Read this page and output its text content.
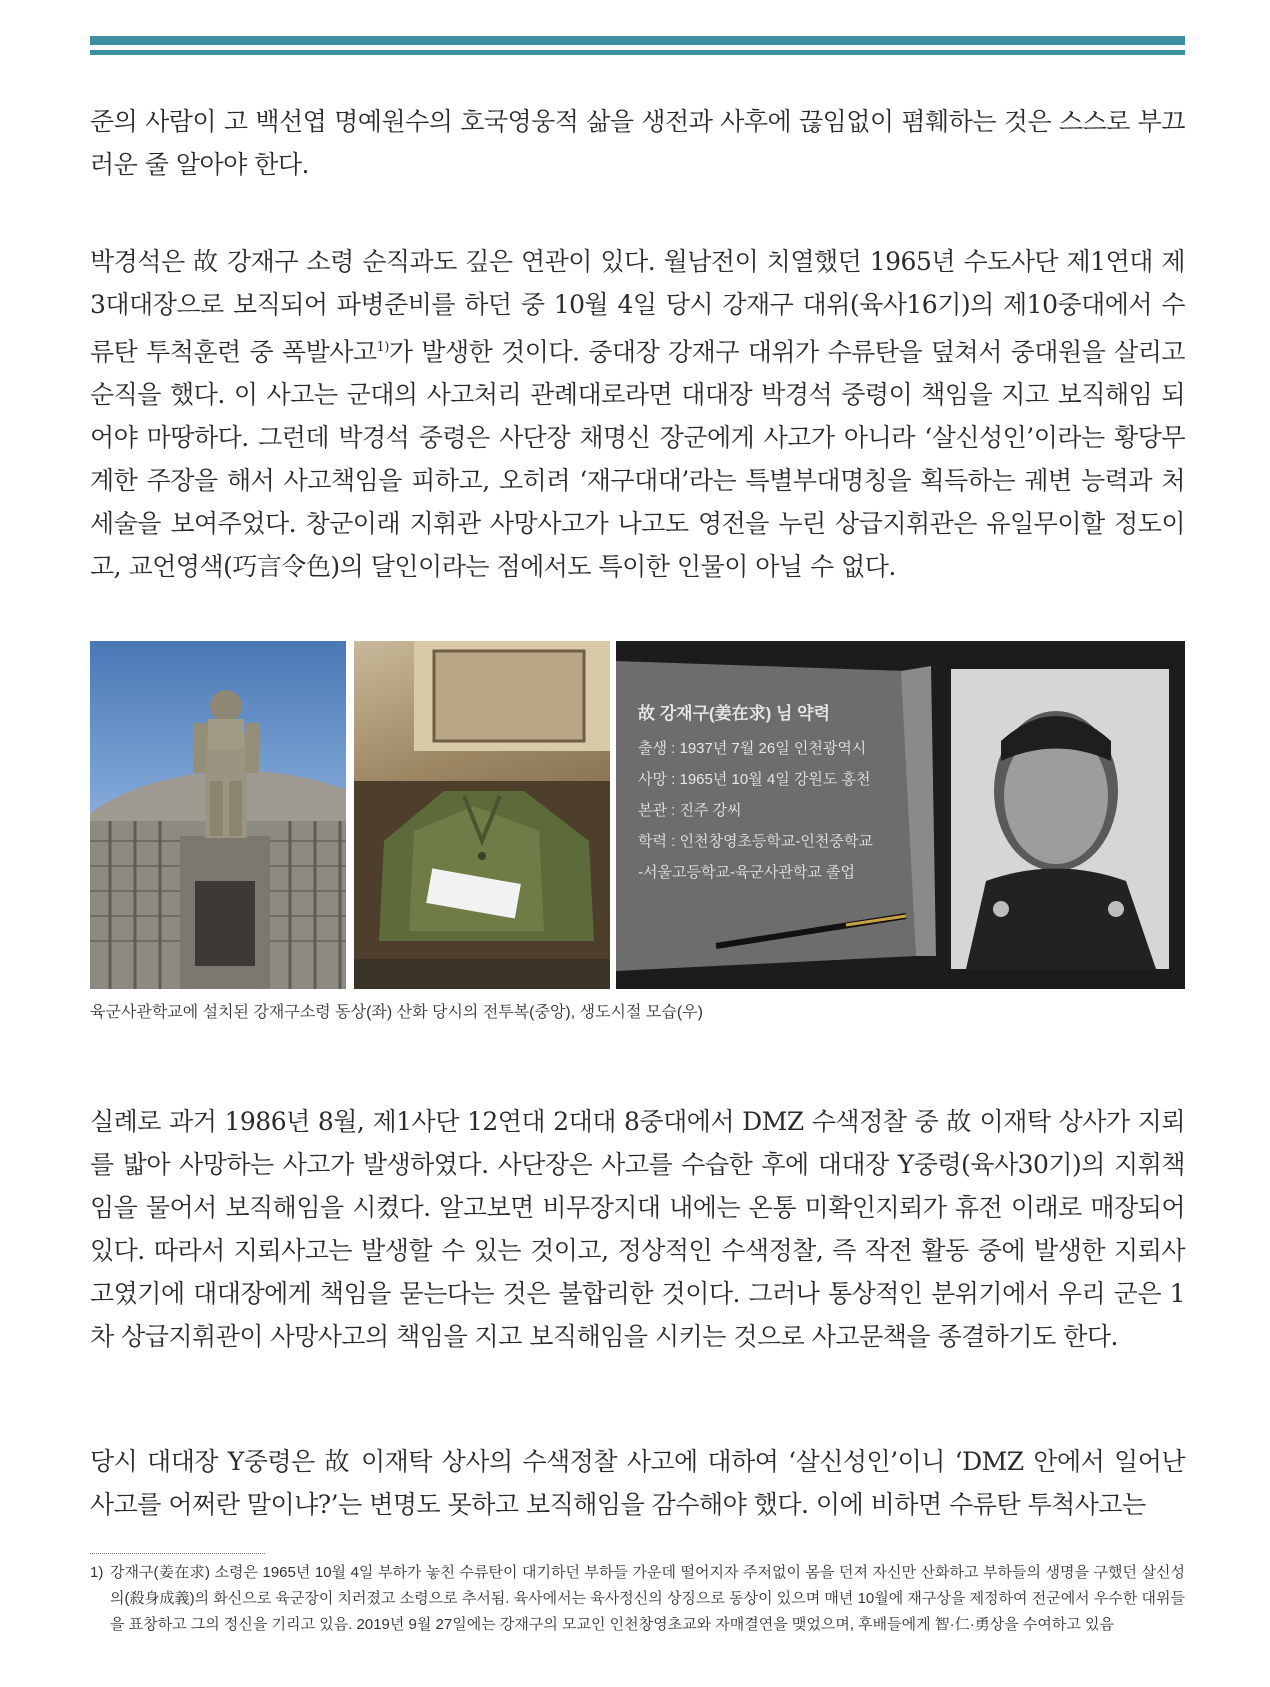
준의 사람이 고 백선엽 명예원수의 호국영웅적 삶을 생전과 사후에 끊임없이 폄훼하는 것은 스스로 부끄러운 줄 알아야 한다.
박경석은 故 강재구 소령 순직과도 깊은 연관이 있다. 월남전이 치열했던 1965년 수도사단 제1연대 제3대대장으로 보직되어 파병준비를 하던 중 10월 4일 당시 강재구 대위(육사16기)의 제10중대에서 수류탄 투척훈련 중 폭발사고$^{1)}$가 발생한 것이다. 중대장 강재구 대위가 수류탄을 덮쳐서 중대원을 살리고 순직을 했다. 이 사고는 군대의 사고처리 관례대로라면 대대장 박경석 중령이 책임을 지고 보직해임 되어야 마땅하다. 그런데 박경석 중령은 사단장 채명신 장군에게 사고가 아니라 ‘살신성인’이라는 황당무계한 주장을 해서 사고책임을 피하고, 오히려 ‘재구대대’라는 특별부대명칭을 획득하는 궤변 능력과 처세술을 보여주었다. 창군이래 지휘관 사망사고가 나고도 영전을 누린 상급지휘관은 유일무이할 정도이고, 교언영색(巧言令色)의 달인이라는 점에서도 특이한 인물이 아닐 수 없다.
故 강재구(姜在求) 님 약력
출생 : 1937년 7월 26일 인천광역시
사망 : 1965년 10월 4일 강원도 홍천
본관 : 진주 강씨
학력 : 인천창영초등학교-인천중학교
-서울고등학교-육군사관학교 졸업
육군사관학교에 설치된 강재구소령 동상(좌) 산화 당시의 전투복(중앙), 생도시절 모습(우)
실례로 과거 1986년 8월, 제1사단 12연대 2대대 8중대에서 DMZ 수색정찰 중 故 이재탁 상사가 지뢰를 밟아 사망하는 사고가 발생하였다. 사단장은 사고를 수습한 후에 대대장 Y중령(육사30기)의 지휘책임을 물어서 보직해임을 시켰다. 알고보면 비무장지대 내에는 온통 미확인지뢰가 휴전 이래로 매장되어 있다. 따라서 지뢰사고는 발생할 수 있는 것이고, 정상적인 수색정찰, 즉 작전 활동 중에 발생한 지뢰사고였기에 대대장에게 책임을 묻는다는 것은 불합리한 것이다. 그러나 통상적인 분위기에서 우리 군은 1차 상급지휘관이 사망사고의 책임을 지고 보직해임을 시키는 것으로 사고문책을 종결하기도 한다.
당시 대대장 Y중령은 故 이재탁 상사의 수색정찰 사고에 대하여 ‘살신성인’이니 ‘DMZ 안에서 일어난 사고를 어쩌란 말이냐?’는 변명도 못하고 보직해임을 감수해야 했다. 이에 비하면 수류탄 투척사고는
1) 강재구(姜在求) 소령은 1965년 10월 4일 부하가 놓친 수류탄이 대기하던 부하들 가운데 떨어지자 주저없이 몸을 던져 자신만 산화하고 부하들의 생명을 구했던 살신성의(殺身成義)의 화신으로 육군장이 치러졌고 소령으로 추서됨. 육사에서는 육사정신의 상징으로 동상이 있으며 매년 10월에 재구상을 제정하여 전군에서 우수한 대위들을 표창하고 그의 정신을 기리고 있음. 2019년 9월 27일에는 강재구의 모교인 인천창영초교와 자매결연을 맺었으며, 후배들에게 智·仁·勇상을 수여하고 있음
